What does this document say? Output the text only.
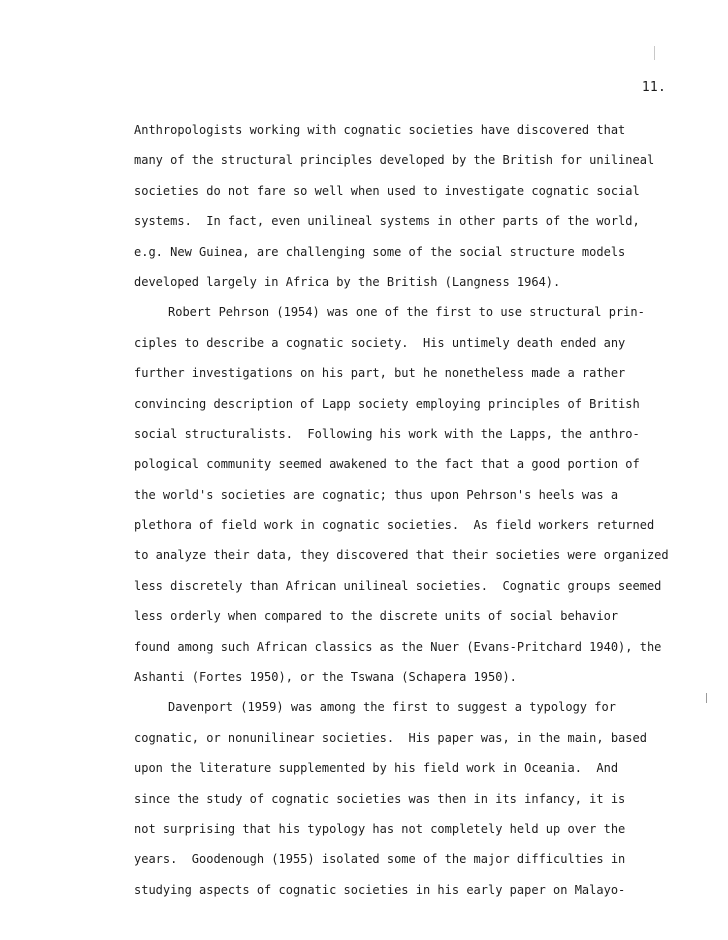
11.
Anthropologists working with cognatic societies have discovered that
many of the structural principles developed by the British for unilineal
societies do not fare so well when used to investigate cognatic social
systems.  In fact, even unilineal systems in other parts of the world,
e.g. New Guinea, are challenging some of the social structure models
developed largely in Africa by the British (Langness 1964).
Robert Pehrson (1954) was one of the first to use structural prin-
ciples to describe a cognatic society.  His untimely death ended any
further investigations on his part, but he nonetheless made a rather
convincing description of Lapp society employing principles of British
social structuralists.  Following his work with the Lapps, the anthro-
pological community seemed awakened to the fact that a good portion of
the world's societies are cognatic; thus upon Pehrson's heels was a
plethora of field work in cognatic societies.  As field workers returned
to analyze their data, they discovered that their societies were organized
less discretely than African unilineal societies.  Cognatic groups seemed
less orderly when compared to the discrete units of social behavior
found among such African classics as the Nuer (Evans-Pritchard 1940), the
Ashanti (Fortes 1950), or the Tswana (Schapera 1950).
Davenport (1959) was among the first to suggest a typology for
cognatic, or nonunilinear societies.  His paper was, in the main, based
upon the literature supplemented by his field work in Oceania.  And
since the study of cognatic societies was then in its infancy, it is
not surprising that his typology has not completely held up over the
years.  Goodenough (1955) isolated some of the major difficulties in
studying aspects of cognatic societies in his early paper on Malayo-
